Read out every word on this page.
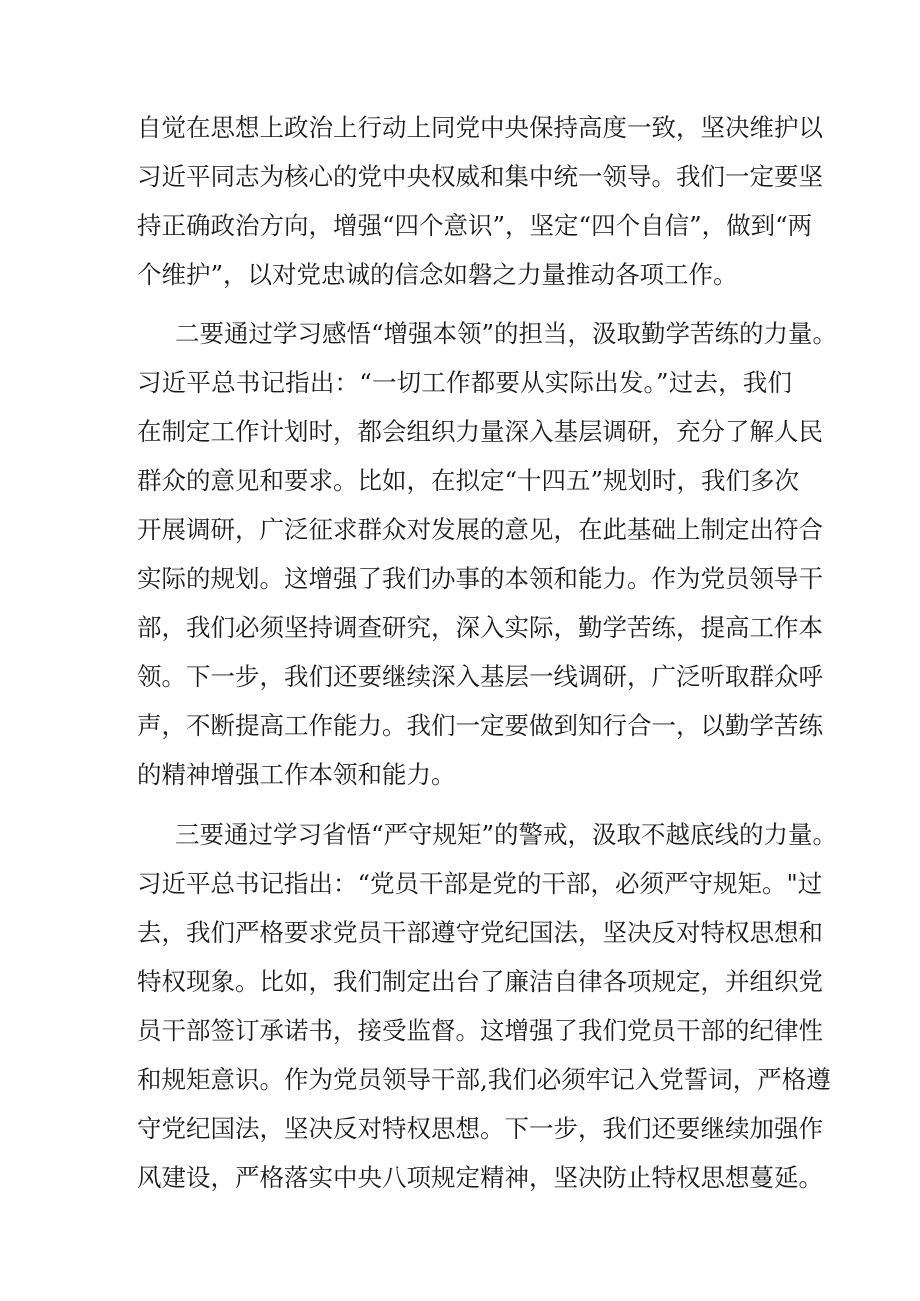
自觉在思想上政治上行动上同党中央保持高度一致，坚决维护以
习近平同志为核心的党中央权威和集中统一领导。我们一定要坚
持正确政治方向，增强“四个意识”，坚定“四个自信”，做到“两
个维护”，以对党忠诚的信念如磐之力量推动各项工作。
二要通过学习感悟“增强本领”的担当，汲取勤学苦练的力量。
习近平总书记指出：“一切工作都要从实际出发。”过去，我们
在制定工作计划时，都会组织力量深入基层调研，充分了解人民
群众的意见和要求。比如，在拟定“十四五”规划时，我们多次
开展调研，广泛征求群众对发展的意见，在此基础上制定出符合
实际的规划。这增强了我们办事的本领和能力。作为党员领导干
部，我们必须坚持调查研究，深入实际，勤学苦练，提高工作本
领。下一步，我们还要继续深入基层一线调研，广泛听取群众呼
声，不断提高工作能力。我们一定要做到知行合一，以勤学苦练
的精神增强工作本领和能力。
三要通过学习省悟“严守规矩”的警戒，汲取不越底线的力量。
习近平总书记指出：“党员干部是党的干部，必须严守规矩。"过
去，我们严格要求党员干部遵守党纪国法，坚决反对特权思想和
特权现象。比如，我们制定出台了廉洁自律各项规定，并组织党
员干部签订承诺书，接受监督。这增强了我们党员干部的纪律性
和规矩意识。作为党员领导干部,我们必须牢记入党誓词，严格遵
守党纪国法，坚决反对特权思想。下一步，我们还要继续加强作
风建设，严格落实中央八项规定精神，坚决防止特权思想蔓延。
